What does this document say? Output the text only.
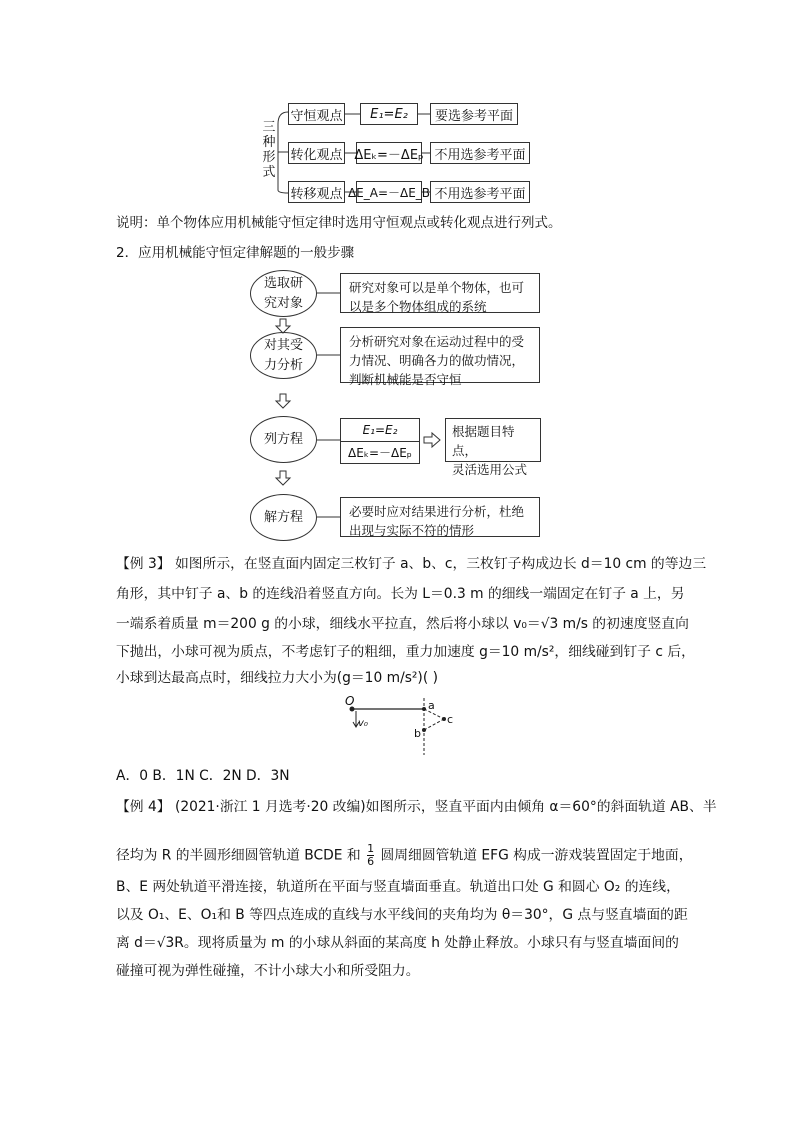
三种形式
守恒观点	E₁=E₂	要选参考平面
转化观点 ΔEₖ=－ΔEₚ 不用选参考平面
转移观点 ΔE_A=－ΔE_B 不用选参考平面
说明：单个物体应用机械能守恒定律时选用守恒观点或转化观点进行列式。
2．应用机械能守恒定律解题的一般步骤
选取研
究对象
研究对象可以是单个物体，也可
以是多个物体组成的系统
对其受
力分析
分析研究对象在运动过程中的受
力情况、明确各力的做功情况，
判断机械能是否守恒
列方程
E₁=E₂
ΔEₖ=－ΔEₚ
根据题目特点，
灵活选用公式
解方程	必要时应对结果进行分析，杜绝
出现与实际不符的情形
【例 3】 如图所示，在竖直面内固定三枚钉子 a、b、c，三枚钉子构成边长 d＝10 cm 的等边三
角形，其中钉子 a、b 的连线沿着竖直方向。长为 L＝0.3 m 的细线一端固定在钉子 a 上，另
一端系着质量 m＝200 g 的小球，细线水平拉直，然后将小球以 v₀＝√3 m/s 的初速度竖直向
下抛出，小球可视为质点，不考虑钉子的粗细，重力加速度 g＝10 m/s²，细线碰到钉子 c 后，
小球到达最高点时，细线拉力大小为(g＝10 m/s²)( )
O
v₀
a
b
c
A．0 B．1N C．2N D．3N
【例 4】 (2021·浙江 1 月选考·20 改编)如图所示，竖直平面内由倾角 α＝60°的斜面轨道 AB、半
径均为 R 的半圆形细圆管轨道 BCDE 和 $\frac{1}{6}$ 圆周细圆管轨道 EFG 构成一游戏装置固定于地面，
B、E 两处轨道平滑连接，轨道所在平面与竖直墙面垂直。轨道出口处 G 和圆心 O₂ 的连线，
以及 O₁、E、O₁和 B 等四点连成的直线与水平线间的夹角均为 θ＝30°，G 点与竖直墙面的距
离 d＝√3R。现将质量为 m 的小球从斜面的某高度 h 处静止释放。小球只有与竖直墙面间的
碰撞可视为弹性碰撞，不计小球大小和所受阻力。
